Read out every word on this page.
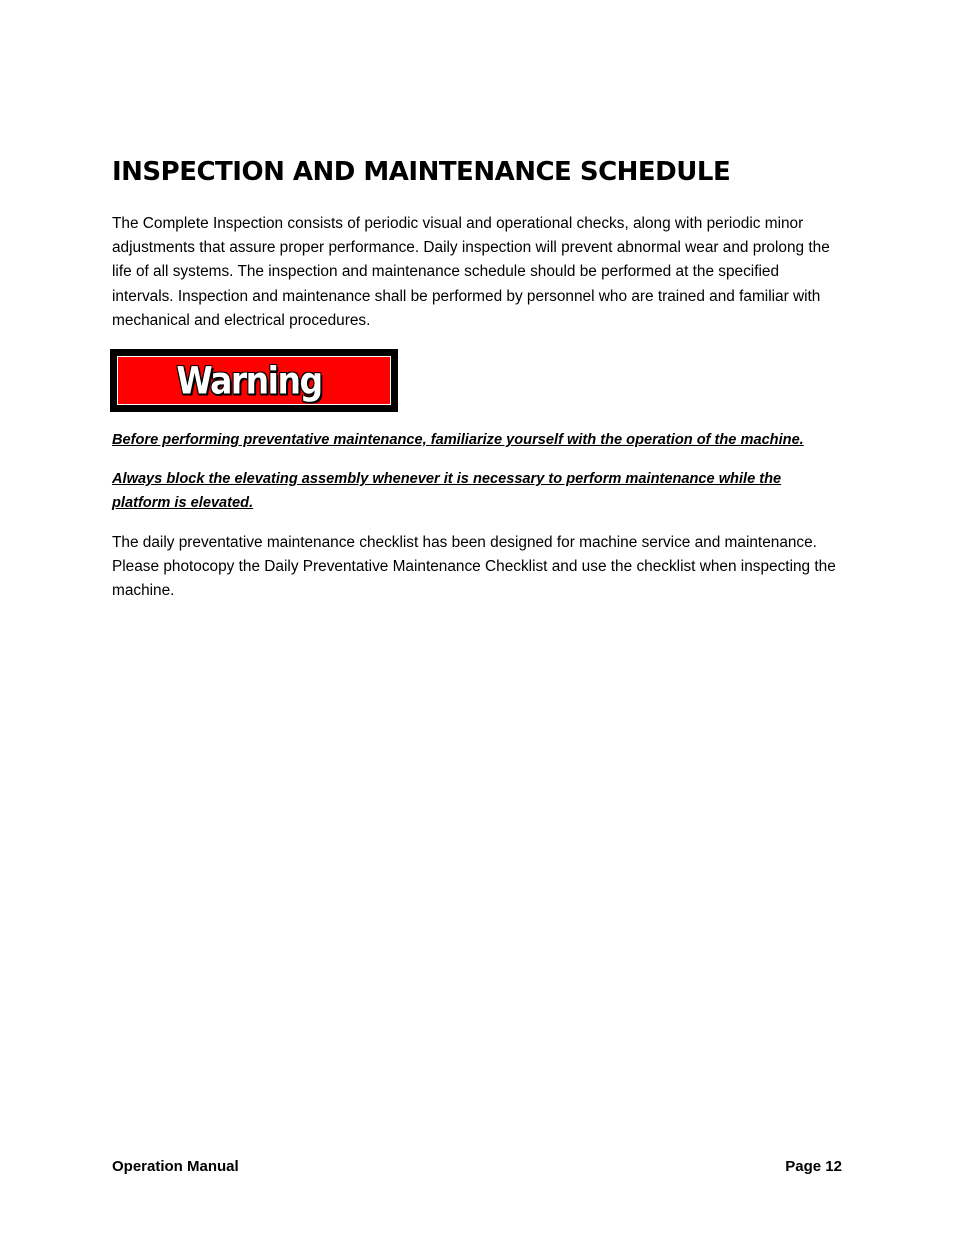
INSPECTION AND MAINTENANCE SCHEDULE

The Complete Inspection consists of periodic visual and operational checks, along with periodic minor adjustments that assure proper performance. Daily inspection will prevent abnormal wear and prolong the life of all systems. The inspection and maintenance schedule should be performed at the specified intervals. Inspection and maintenance shall be performed by personnel who are trained and familiar with mechanical and electrical procedures.

Warning

Before performing preventative maintenance, familiarize yourself with the operation of the machine.

Always block the elevating assembly whenever it is necessary to perform maintenance while the platform is elevated.

The daily preventative maintenance checklist has been designed for machine service and maintenance. Please photocopy the Daily Preventative Maintenance Checklist and use the checklist when inspecting the machine.

Operation Manual	Page 12
